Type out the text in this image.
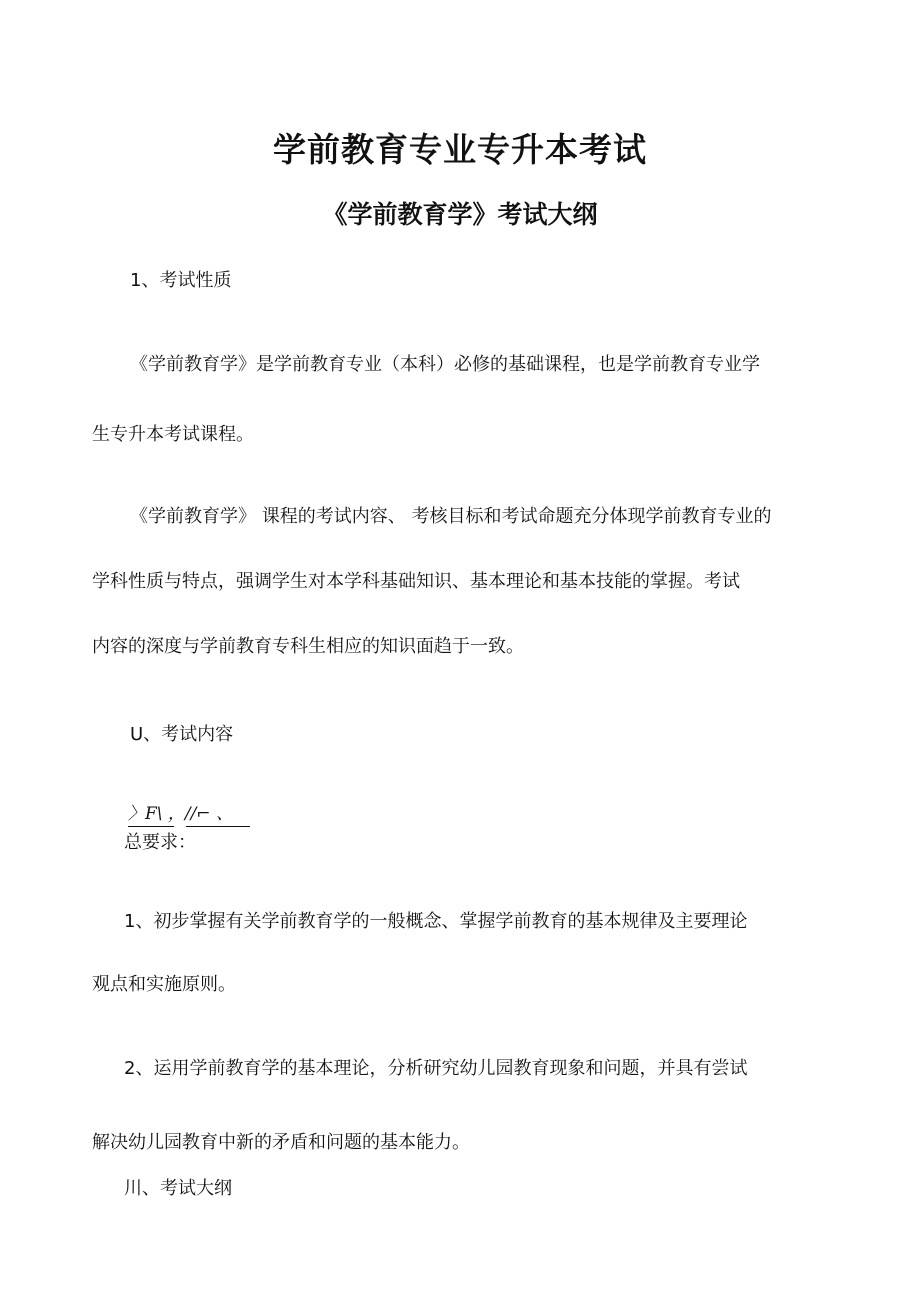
学前教育专业专升本考试
《学前教育学》考试大纲

1、考试性质

《学前教育学》是学前教育专业（本科）必修的基础课程，也是学前教育专业学

生专升本考试课程。

《学前教育学》 课程的考试内容、 考核目标和考试命题充分体现学前教育专业的

学科性质与特点，强调学生对本学科基础知识、基本理论和基本技能的掌握。考试

内容的深度与学前教育专科生相应的知识面趋于一致。

U、考试内容

〉F\ ，//⌐ 、

总要求：

1、初步掌握有关学前教育学的一般概念、掌握学前教育的基本规律及主要理论

观点和实施原则。

2、运用学前教育学的基本理论，分析研究幼儿园教育现象和问题，并具有尝试

解决幼儿园教育中新的矛盾和问题的基本能力。

川、考试大纲
